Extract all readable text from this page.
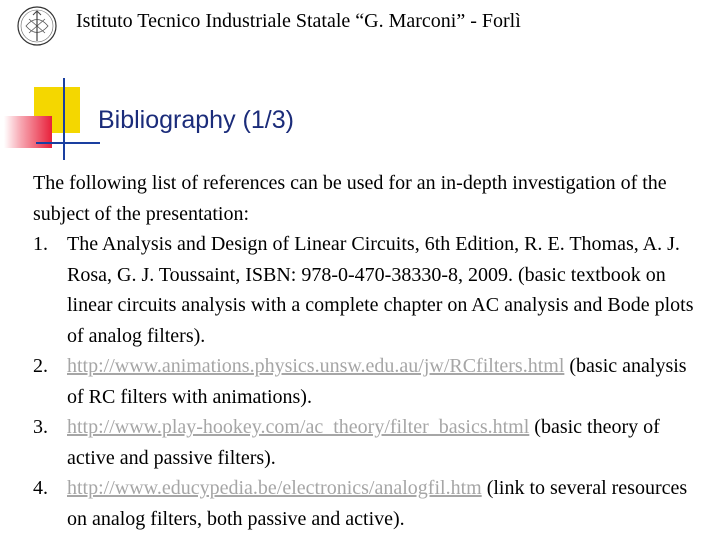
Istituto Tecnico Industriale Statale “G. Marconi” - Forlì
Bibliography (1/3)

The following list of references can be used for an in-depth investigation of the subject of the presentation:

1. The Analysis and Design of Linear Circuits, 6th Edition, R. E. Thomas, A. J. Rosa, G. J. Toussaint, ISBN: 978-0-470-38330-8, 2009. (basic textbook on linear circuits analysis with a complete chapter on AC analysis and Bode plots of analog filters).
2. http://www.animations.physics.unsw.edu.au/jw/RCfilters.html (basic analysis of RC filters with animations).
3. http://www.play-hookey.com/ac_theory/filter_basics.html (basic theory of active and passive filters).
4. http://www.educypedia.be/electronics/analogfil.htm (link to several resources on analog filters, both passive and active).
